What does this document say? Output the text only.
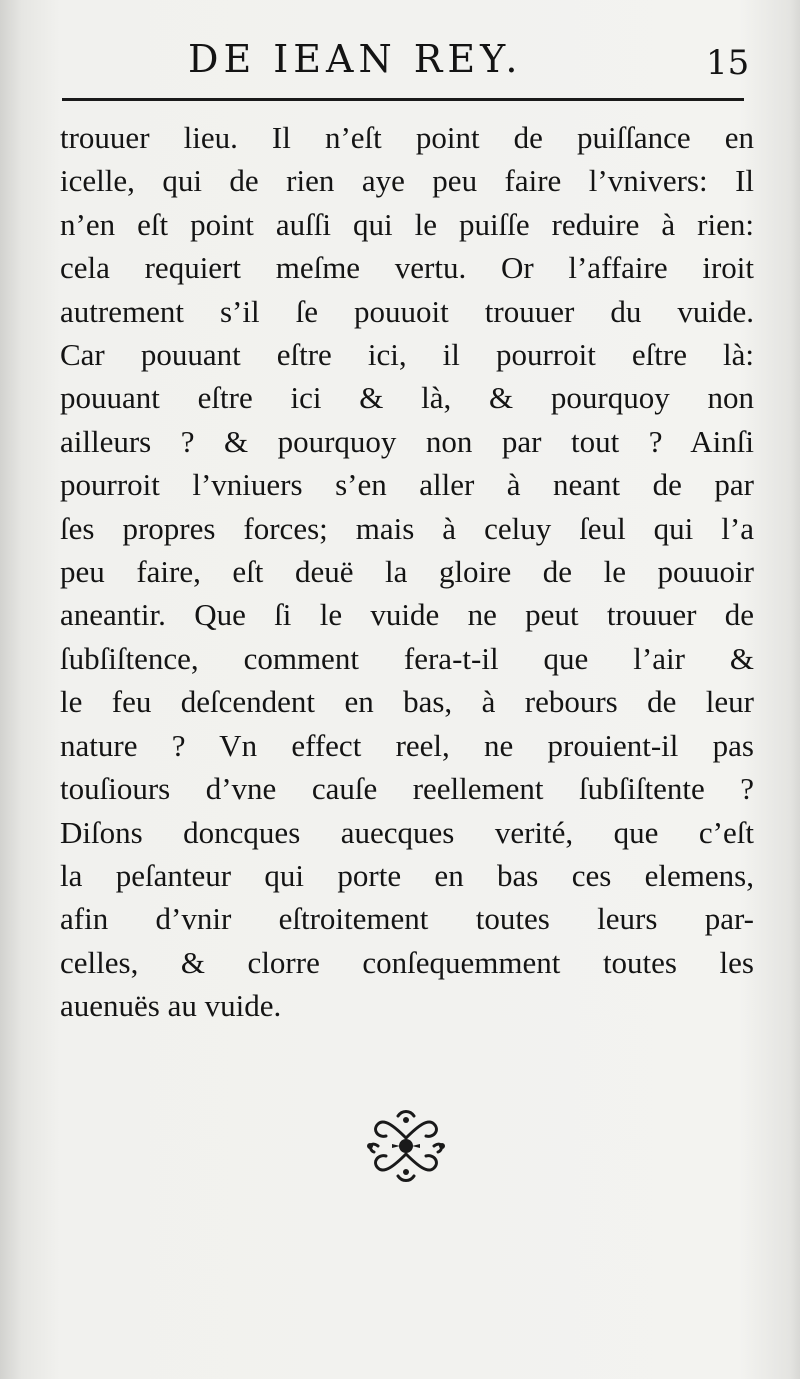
DE IEAN REY.	15
trouuer lieu. Il n’eſt point de puiſſance en
icelle, qui de rien aye peu faire l’vnivers: Il
n’en eſt point auſſi qui le puiſſe reduire à rien:
cela requiert meſme vertu. Or l’affaire iroit
autrement s’il ſe pouuoit trouuer du vuide.
Car pouuant eſtre ici, il pourroit eſtre là:
pouuant eſtre ici & là, & pourquoy non
ailleurs ? & pourquoy non par tout ? Ainſi
pourroit l’vniuers s’en aller à neant de par
ſes propres forces; mais à celuy ſeul qui l’a
peu faire, eſt deuë la gloire de le pouuoir
aneantir. Que ſi le vuide ne peut trouuer de
ſubſiſtence, comment fera-t-il que l’air &
le feu deſcendent en bas, à rebours de leur
nature ? Vn effect reel, ne prouient-il pas
touſiours d’vne cauſe reellement ſubſiſtente ?
Diſons doncques auecques verité, que c’eſt
la peſanteur qui porte en bas ces elemens,
afin d’vnir eſtroitement toutes leurs par-
celles, & clorre conſequemment toutes les
auenuës au vuide.
